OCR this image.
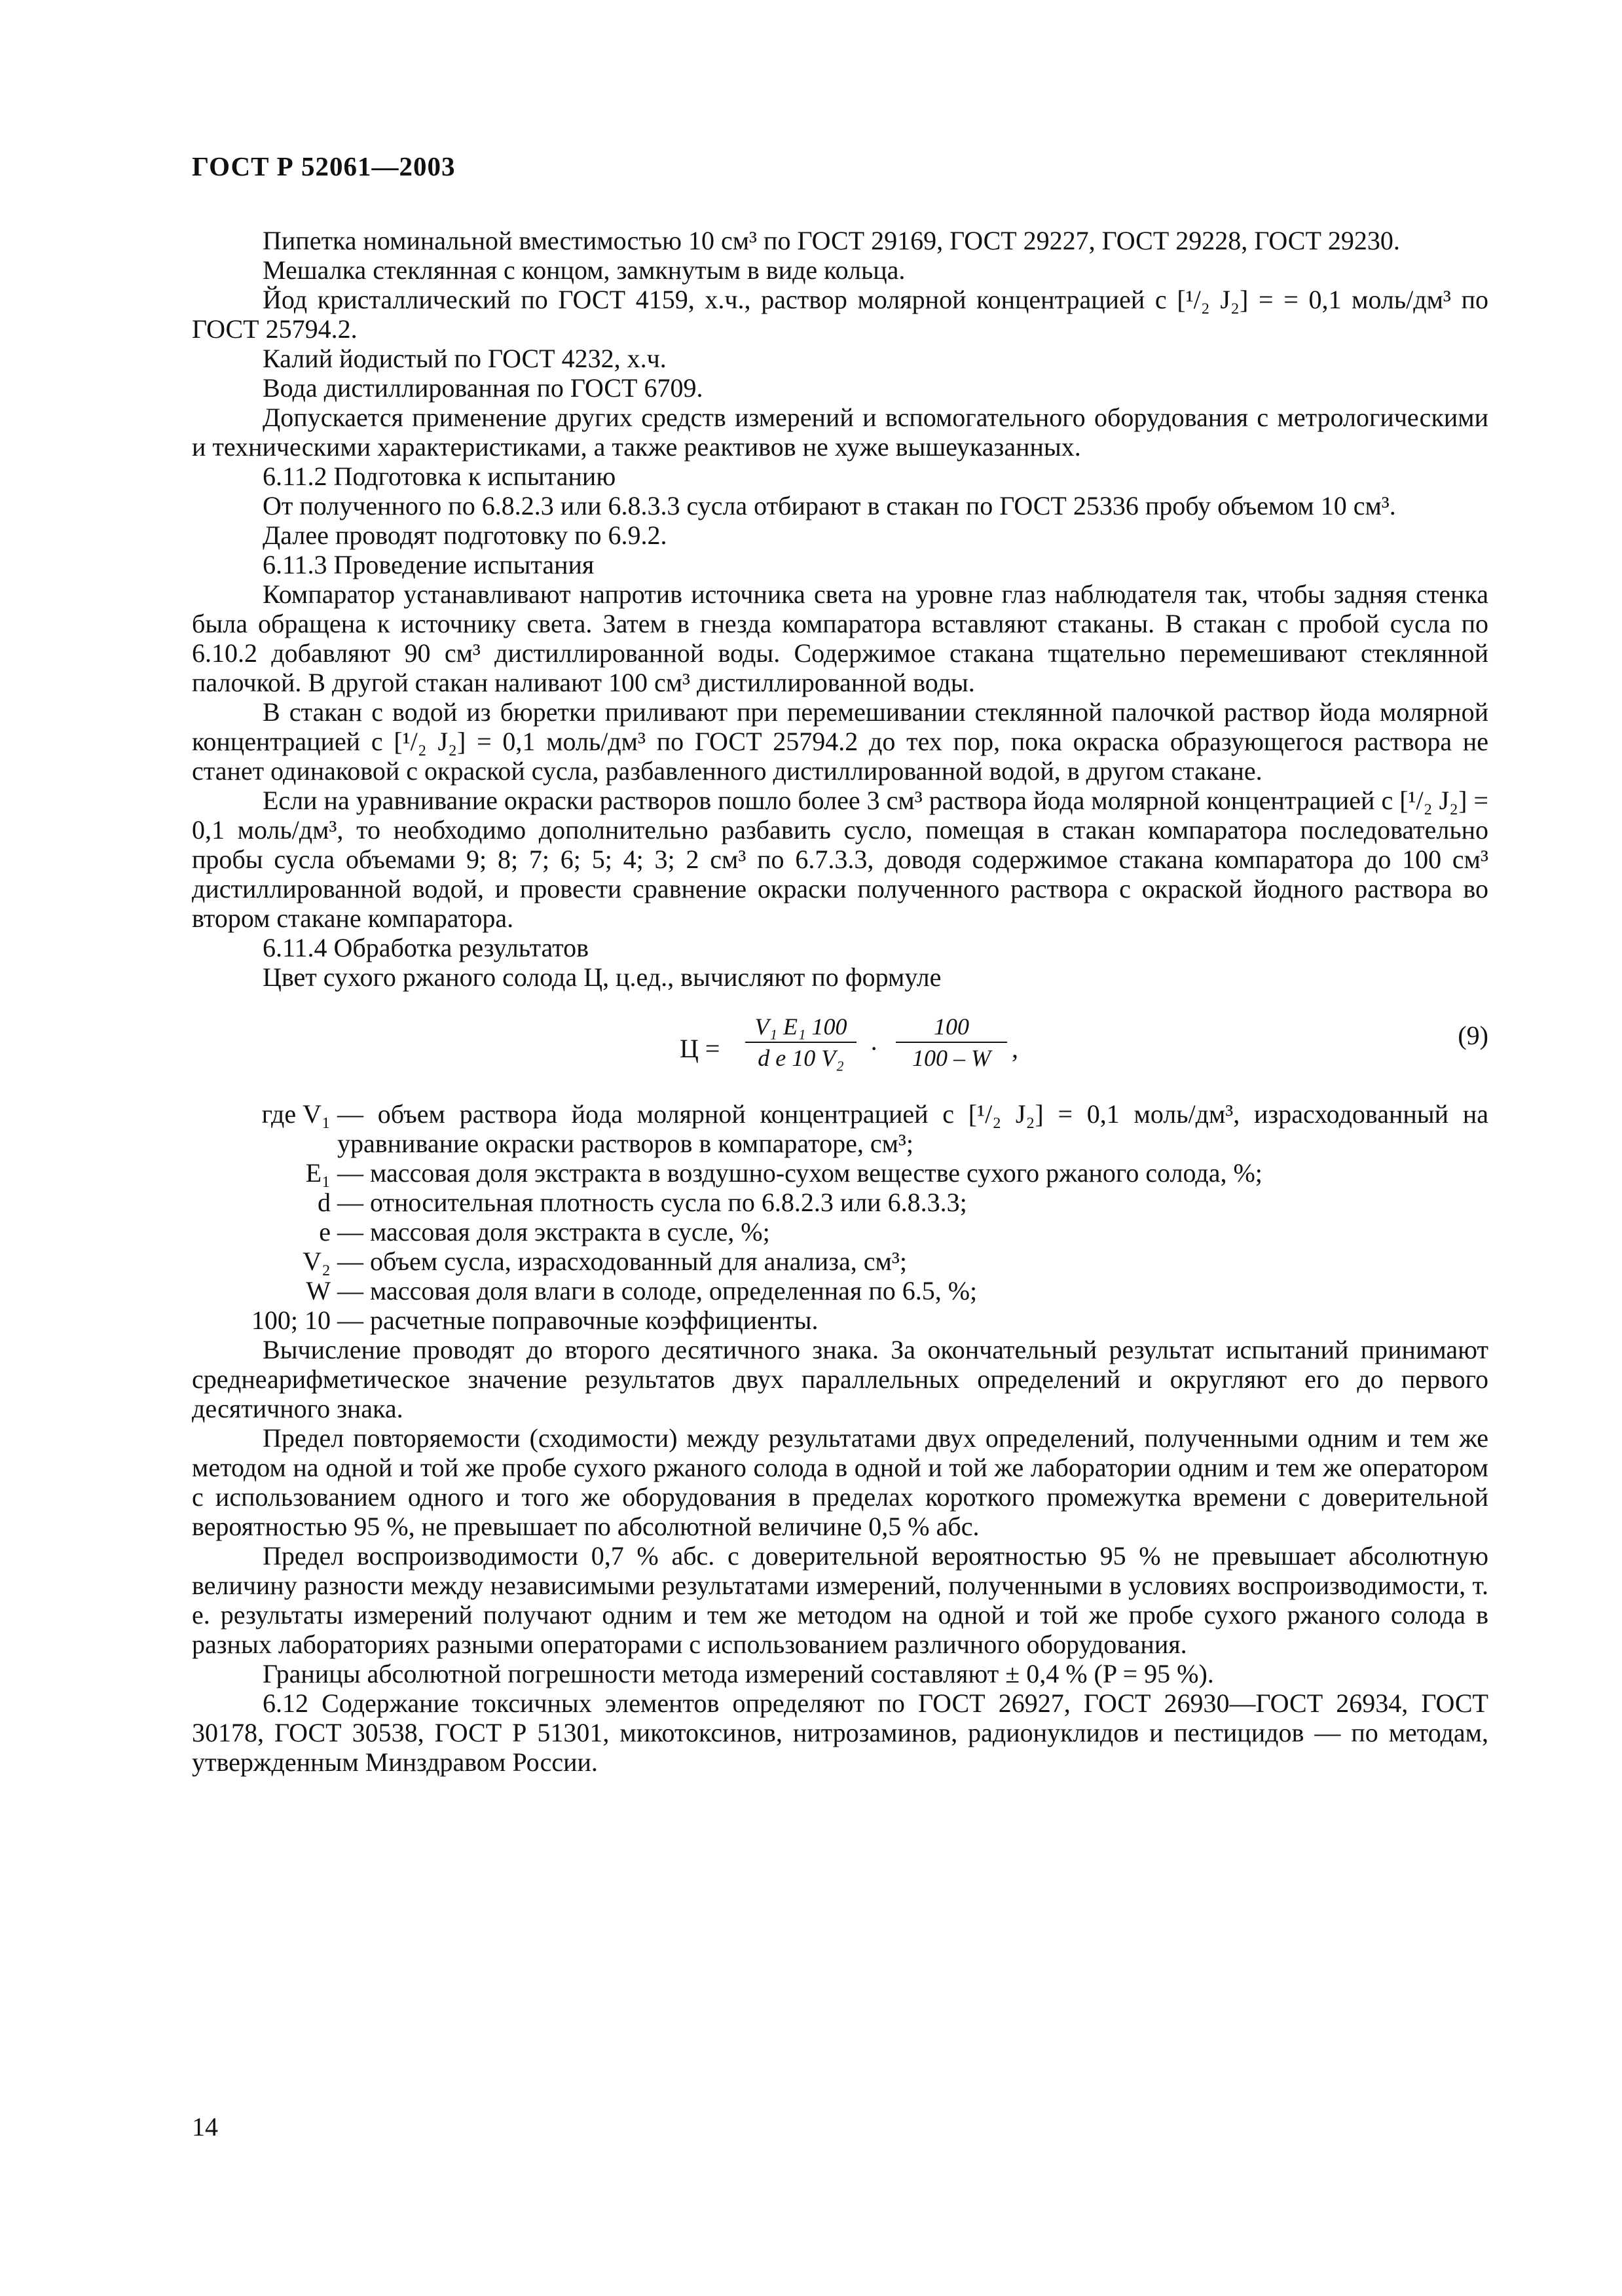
ГОСТ Р 52061—2003

Пипетка номинальной вместимостью 10 см³ по ГОСТ 29169, ГОСТ 29227, ГОСТ 29228, ГОСТ 29230.

Мешалка стеклянная с концом, замкнутым в виде кольца.

Йод кристаллический по ГОСТ 4159, х.ч., раствор молярной концентрацией c [¹/₂ J₂] = = 0,1 моль/дм³ по ГОСТ 25794.2.

Калий йодистый по ГОСТ 4232, х.ч.

Вода дистиллированная по ГОСТ 6709.

Допускается применение других средств измерений и вспомогательного оборудования с метрологическими и техническими характеристиками, а также реактивов не хуже вышеуказанных.

6.11.2 Подготовка к испытанию

От полученного по 6.8.2.3 или 6.8.3.3 сусла отбирают в стакан по ГОСТ 25336 пробу объемом 10 см³.

Далее проводят подготовку по 6.9.2.

6.11.3 Проведение испытания

Компаратор устанавливают напротив источника света на уровне глаз наблюдателя так, чтобы задняя стенка была обращена к источнику света. Затем в гнезда компаратора вставляют стаканы. В стакан с пробой сусла по 6.10.2 добавляют 90 см³ дистиллированной воды. Содержимое стакана тщательно перемешивают стеклянной палочкой. В другой стакан наливают 100 см³ дистиллированной воды.

В стакан с водой из бюретки приливают при перемешивании стеклянной палочкой раствор йода молярной концентрацией c [¹/₂ J₂] = 0,1 моль/дм³ по ГОСТ 25794.2 до тех пор, пока окраска образующегося раствора не станет одинаковой с окраской сусла, разбавленного дистиллированной водой, в другом стакане.

Если на уравнивание окраски растворов пошло более 3 см³ раствора йода молярной концентрацией c [¹/₂ J₂] = 0,1 моль/дм³, то необходимо дополнительно разбавить сусло, помещая в стакан компаратора последовательно пробы сусла объемами 9; 8; 7; 6; 5; 4; 3; 2 см³ по 6.7.3.3, доводя содержимое стакана компаратора до 100 см³ дистиллированной водой, и провести сравнение окраски полученного раствора с окраской йодного раствора во втором стакане компаратора.

6.11.4 Обработка результатов

Цвет сухого ржаного солода Ц, ц.ед., вычисляют по формуле

$Ц = \frac{\text{V₁ E₁ 100}}{\text{d e 10 V₂}} \cdot \frac{100}{100 - W}$ ,	(9)
где V₁ — объем раствора йода молярной концентрацией c [¹/₂ J₂] = 0,1 моль/дм³, израсходованный на уравнивание окраски растворов в компараторе, см³;
E₁ — массовая доля экстракта в воздушно-сухом веществе сухого ржаного солода, %;
d — относительная плотность сусла по 6.8.2.3 или 6.8.3.3;
e — массовая доля экстракта в сусле, %;
V₂ — объем сусла, израсходованный для анализа, см³;
W — массовая доля влаги в солоде, определенная по 6.5, %;
100; 10 — расчетные поправочные коэффициенты.

Вычисление проводят до второго десятичного знака. За окончательный результат испытаний принимают среднеарифметическое значение результатов двух параллельных определений и округляют его до первого десятичного знака.

Предел повторяемости (сходимости) между результатами двух определений, полученными одним и тем же методом на одной и той же пробе сухого ржаного солода в одной и той же лаборатории одним и тем же оператором с использованием одного и того же оборудования в пределах короткого промежутка времени с доверительной вероятностью 95 %, не превышает по абсолютной величине 0,5 % абс.

Предел воспроизводимости 0,7 % абс. с доверительной вероятностью 95 % не превышает абсолютную величину разности между независимыми результатами измерений, полученными в условиях воспроизводимости, т. е. результаты измерений получают одним и тем же методом на одной и той же пробе сухого ржаного солода в разных лабораториях разными операторами с использованием различного оборудования.

Границы абсолютной погрешности метода измерений составляют ± 0,4 % (P = 95 %).

6.12 Содержание токсичных элементов определяют по ГОСТ 26927, ГОСТ 26930—ГОСТ 26934, ГОСТ 30178, ГОСТ 30538, ГОСТ Р 51301, микотоксинов, нитрозаминов, радионуклидов и пестицидов — по методам, утвержденным Минздравом России.

14
